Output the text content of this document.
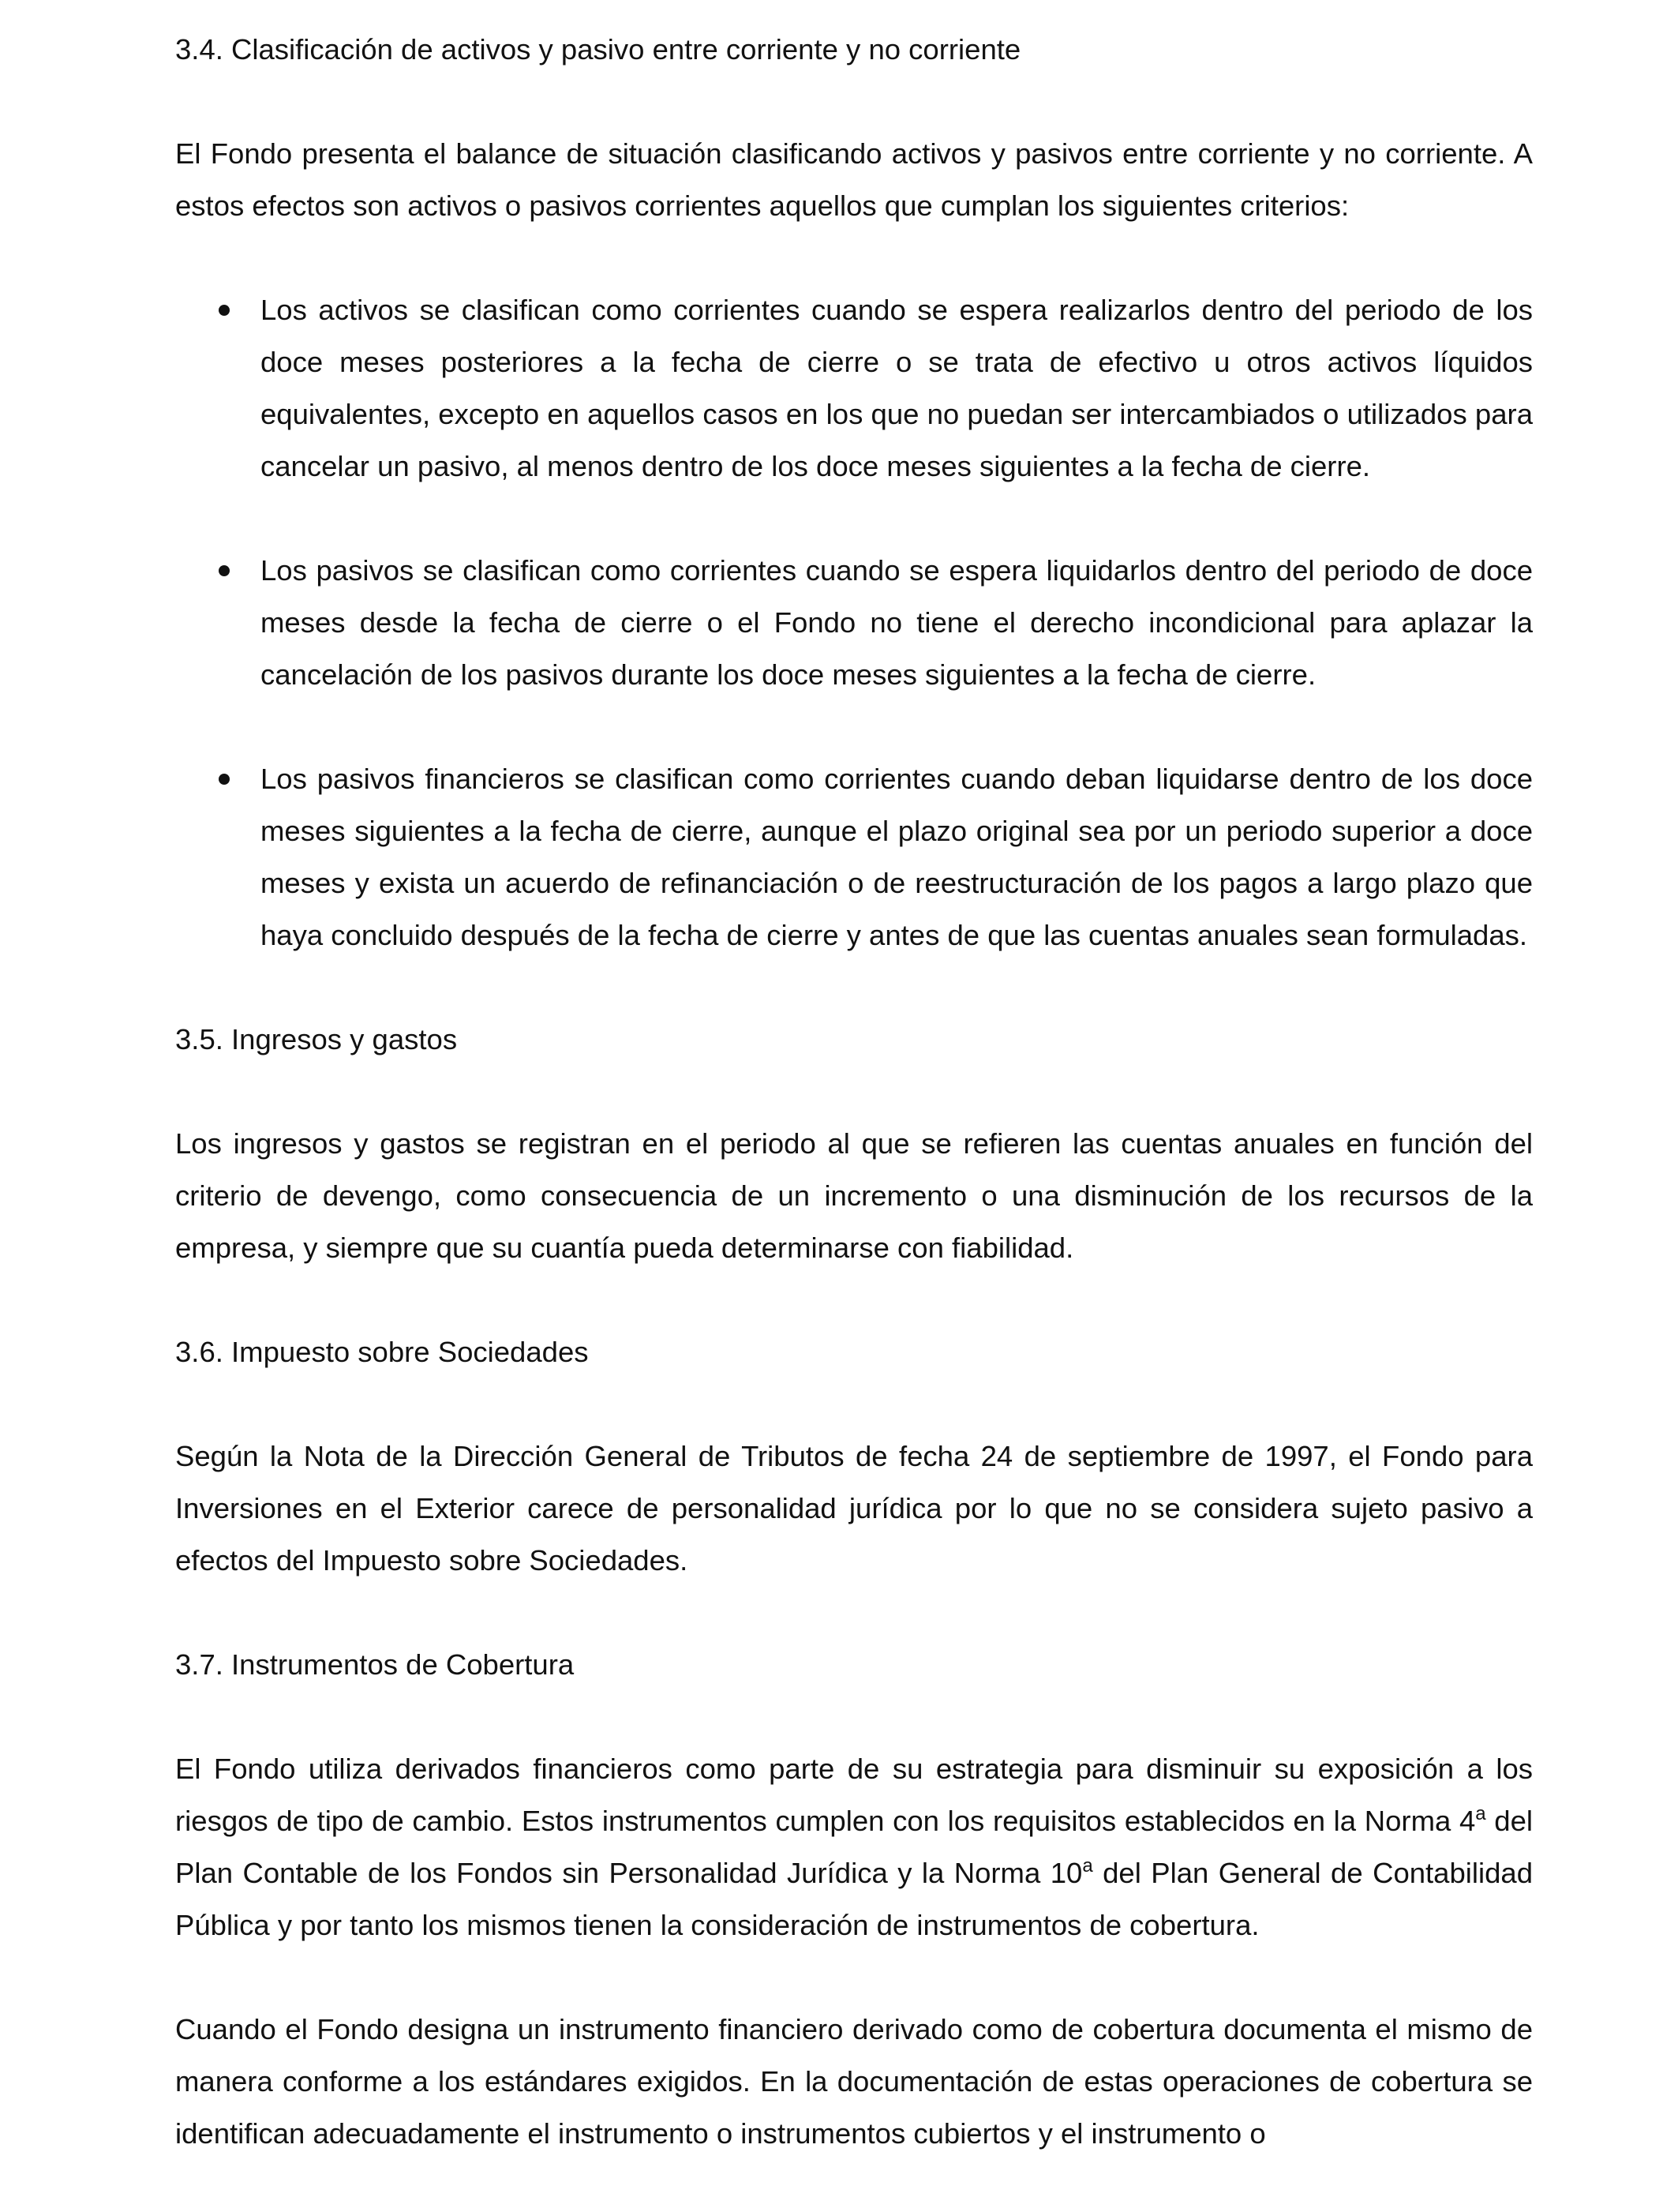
3.4. Clasificación de activos y pasivo entre corriente y no corriente

El Fondo presenta el balance de situación clasificando activos y pasivos entre corriente y no corriente. A estos efectos son activos o pasivos corrientes aquellos que cumplan los siguientes criterios:

Los activos se clasifican como corrientes cuando se espera realizarlos dentro del periodo de los doce meses posteriores a la fecha de cierre o se trata de efectivo u otros activos líquidos equivalentes, excepto en aquellos casos en los que no puedan ser intercambiados o utilizados para cancelar un pasivo, al menos dentro de los doce meses siguientes a la fecha de cierre.
Los pasivos se clasifican como corrientes cuando se espera liquidarlos dentro del periodo de doce meses desde la fecha de cierre o el Fondo no tiene el derecho incondicional para aplazar la cancelación de los pasivos durante los doce meses siguientes a la fecha de cierre.
Los pasivos financieros se clasifican como corrientes cuando deban liquidarse dentro de los doce meses siguientes a la fecha de cierre, aunque el plazo original sea por un periodo superior a doce meses y exista un acuerdo de refinanciación o de reestructuración de los pagos a largo plazo que haya concluido después de la fecha de cierre y antes de que las cuentas anuales sean formuladas.
3.5. Ingresos y gastos

Los ingresos y gastos se registran en el periodo al que se refieren las cuentas anuales en función del criterio de devengo, como consecuencia de un incremento o una disminución de los recursos de la empresa, y siempre que su cuantía pueda determinarse con fiabilidad.

3.6. Impuesto sobre Sociedades

Según la Nota de la Dirección General de Tributos de fecha 24 de septiembre de 1997, el Fondo para Inversiones en el Exterior carece de personalidad jurídica por lo que no se considera sujeto pasivo a efectos del Impuesto sobre Sociedades.

3.7. Instrumentos de Cobertura

El Fondo utiliza derivados financieros como parte de su estrategia para disminuir su exposición a los riesgos de tipo de cambio. Estos instrumentos cumplen con los requisitos establecidos en la Norma 4$^a$ del Plan Contable de los Fondos sin Personalidad Jurídica y la Norma 10$^a$ del Plan General de Contabilidad Pública y por tanto los mismos tienen la consideración de instrumentos de cobertura.

Cuando el Fondo designa un instrumento financiero derivado como de cobertura documenta el mismo de manera conforme a los estándares exigidos. En la documentación de estas operaciones de cobertura se identifican adecuadamente el instrumento o instrumentos cubiertos y el instrumento o
